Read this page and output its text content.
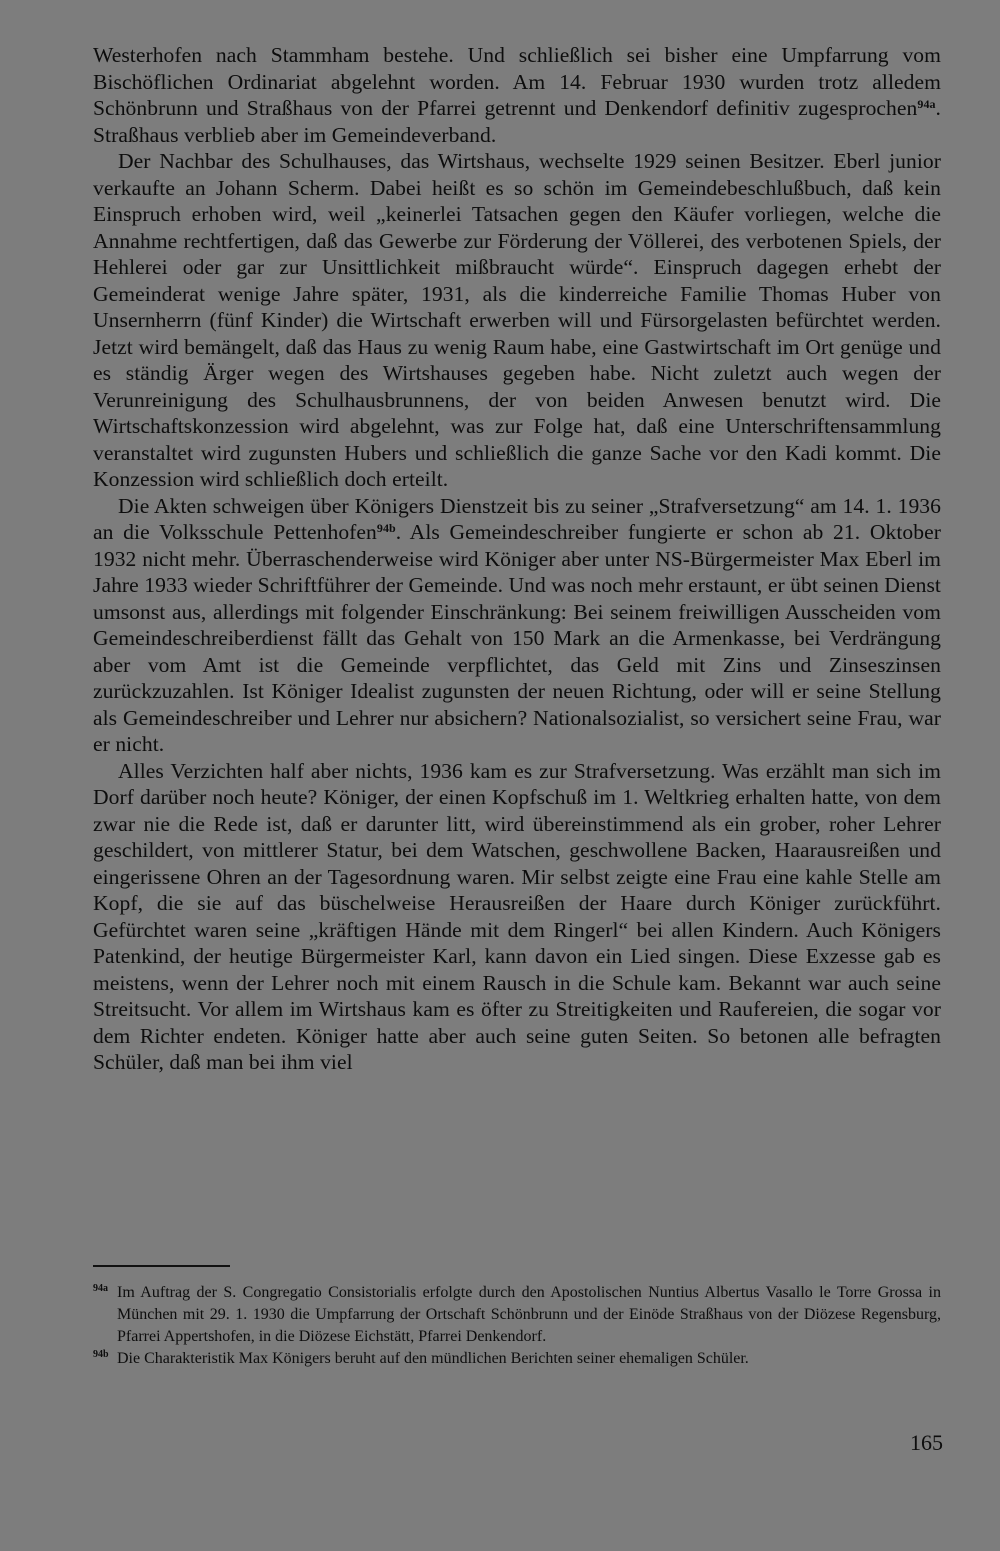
Westerhofen nach Stammham bestehe. Und schließlich sei bisher eine Umpfarrung vom Bischöflichen Ordinariat abgelehnt worden. Am 14. Februar 1930 wurden trotz alledem Schönbrunn und Straßhaus von der Pfarrei getrennt und Denkendorf definitiv zugesprochen$^{94a}$. Straßhaus verblieb aber im Gemeindeverband.

Der Nachbar des Schulhauses, das Wirtshaus, wechselte 1929 seinen Besitzer. Eberl junior verkaufte an Johann Scherm. Dabei heißt es so schön im Gemeindebeschlußbuch, daß kein Einspruch erhoben wird, weil „keinerlei Tatsachen gegen den Käufer vorliegen, welche die Annahme rechtfertigen, daß das Gewerbe zur Förderung der Völlerei, des verbotenen Spiels, der Hehlerei oder gar zur Unsittlichkeit mißbraucht würde“. Einspruch dagegen erhebt der Gemeinderat wenige Jahre später, 1931, als die kinderreiche Familie Thomas Huber von Unsernherrn (fünf Kinder) die Wirtschaft erwerben will und Fürsorgelasten befürchtet werden. Jetzt wird bemängelt, daß das Haus zu wenig Raum habe, eine Gastwirtschaft im Ort genüge und es ständig Ärger wegen des Wirtshauses gegeben habe. Nicht zuletzt auch wegen der Verunreinigung des Schulhausbrunnens, der von beiden Anwesen benutzt wird. Die Wirtschaftskonzession wird abgelehnt, was zur Folge hat, daß eine Unterschriftensammlung veranstaltet wird zugunsten Hubers und schließlich die ganze Sache vor den Kadi kommt. Die Konzession wird schließlich doch erteilt.

Die Akten schweigen über Königers Dienstzeit bis zu seiner „Strafversetzung“ am 14. 1. 1936 an die Volksschule Pettenhofen$^{94b}$. Als Gemeindeschreiber fungierte er schon ab 21. Oktober 1932 nicht mehr. Überraschenderweise wird Königer aber unter NS-Bürgermeister Max Eberl im Jahre 1933 wieder Schriftführer der Gemeinde. Und was noch mehr erstaunt, er übt seinen Dienst umsonst aus, allerdings mit folgender Einschränkung: Bei seinem freiwilligen Ausscheiden vom Gemeindeschreiberdienst fällt das Gehalt von 150 Mark an die Armenkasse, bei Verdrängung aber vom Amt ist die Gemeinde verpflichtet, das Geld mit Zins und Zinseszinsen zurückzuzahlen. Ist Königer Idealist zugunsten der neuen Richtung, oder will er seine Stellung als Gemeindeschreiber und Lehrer nur absichern? Nationalsozialist, so versichert seine Frau, war er nicht.

Alles Verzichten half aber nichts, 1936 kam es zur Strafversetzung. Was erzählt man sich im Dorf darüber noch heute? Königer, der einen Kopfschuß im 1. Weltkrieg erhalten hatte, von dem zwar nie die Rede ist, daß er darunter litt, wird übereinstimmend als ein grober, roher Lehrer geschildert, von mittlerer Statur, bei dem Watschen, geschwollene Backen, Haarausreißen und eingerissene Ohren an der Tagesordnung waren. Mir selbst zeigte eine Frau eine kahle Stelle am Kopf, die sie auf das büschelweise Herausreißen der Haare durch Königer zurückführt. Gefürchtet waren seine „kräftigen Hände mit dem Ringerl“ bei allen Kindern. Auch Königers Patenkind, der heutige Bürgermeister Karl, kann davon ein Lied singen. Diese Exzesse gab es meistens, wenn der Lehrer noch mit einem Rausch in die Schule kam. Bekannt war auch seine Streitsucht. Vor allem im Wirtshaus kam es öfter zu Streitigkeiten und Raufereien, die sogar vor dem Richter endeten. Königer hatte aber auch seine guten Seiten. So betonen alle befragten Schüler, daß man bei ihm viel

94a Im Auftrag der S. Congregatio Consistorialis erfolgte durch den Apostolischen Nuntius Albertus Vasallo le Torre Grossa in München mit 29. 1. 1930 die Umpfarrung der Ortschaft Schönbrunn und der Einöde Straßhaus von der Diözese Regensburg, Pfarrei Appertshofen, in die Diözese Eichstätt, Pfarrei Denkendorf.
94b Die Charakteristik Max Königers beruht auf den mündlichen Berichten seiner ehemaligen Schüler.
165
